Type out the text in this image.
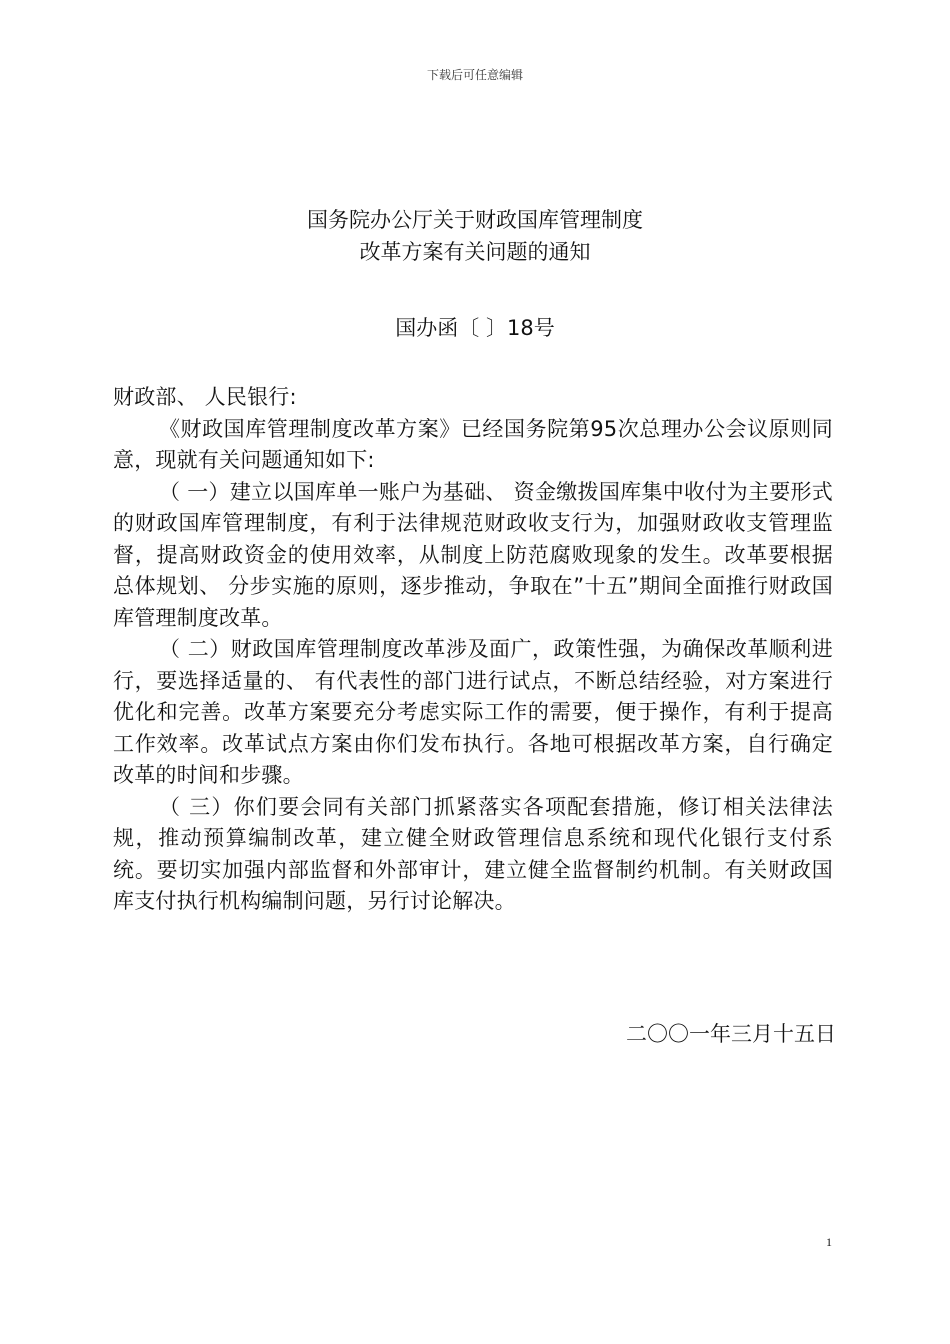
下载后可任意编辑
国务院办公厅关于财政国库管理制度
改革方案有关问题的通知
国办函〔 〕18号

财政部、 人民银行:

《财政国库管理制度改革方案》已经国务院第95次总理办公会议原则同意，现就有关问题通知如下:

（ 一）建立以国库单一账户为基础、 资金缴拨国库集中收付为主要形式的财政国库管理制度，有利于法律规范财政收支行为，加强财政收支管理监督，提高财政资金的使用效率，从制度上防范腐败现象的发生。改革要根据总体规划、 分步实施的原则，逐步推动，争取在”十五”期间全面推行财政国库管理制度改革。

（ 二）财政国库管理制度改革涉及面广，政策性强，为确保改革顺利进行，要选择适量的、 有代表性的部门进行试点，不断总结经验，对方案进行优化和完善。改革方案要充分考虑实际工作的需要，便于操作，有利于提高工作效率。改革试点方案由你们发布执行。各地可根据改革方案，自行确定改革的时间和步骤。

（ 三）你们要会同有关部门抓紧落实各项配套措施，修订相关法律法规，推动预算编制改革，建立健全财政管理信息系统和现代化银行支付系统。要切实加强内部监督和外部审计，建立健全监督制约机制。有关财政国库支付执行机构编制问题，另行讨论解决。

二〇〇一年三月十五日
1
